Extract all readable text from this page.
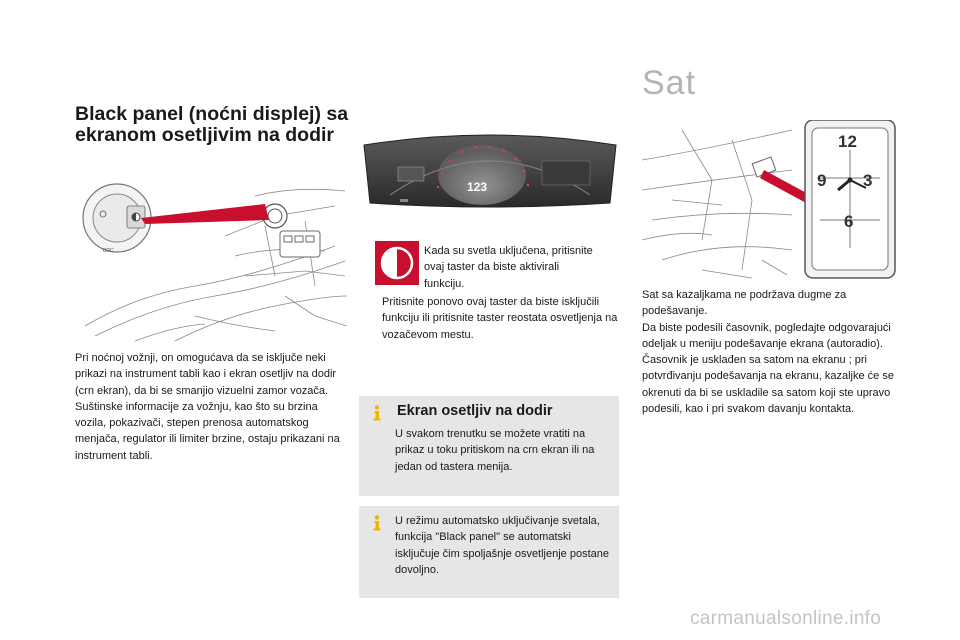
Black panel (noćni displej) sa ekranom osetljivim na dodir
BRC
Pri noćnoj vožnji, on omogućava da se isključe neki prikazi na instrument tabli kao i ekran osetljiv na dodir (crn ekran), da bi se smanjio vizuelni zamor vozača.
Suštinske informacije za vožnju, kao što su brzina vozila, pokazivači, stepen prenosa automatskog menjača, regulator ili limiter brzine, ostaju prikazani na instrument tabli.
123
Kada su svetla uključena, pritisnite ovaj taster da biste aktivirali funkciju.
Pritisnite ponovo ovaj taster da biste isključili funkciju ili pritisnite taster reostata osvetljenja na vozačevom mestu.
Ekran osetljiv na dodir
U svakom trenutku se možete vratiti na prikaz u toku pritiskom na crn ekran ili na jedan od tastera menija.
U režimu automatsko uključivanje svetala, funkcija "Black panel" se automatski isključuje čim spoljašnje osvetljenje postane dovoljno.
Sat
12
3
6
9
Sat sa kazaljkama ne podržava dugme za podešavanje.
Da biste podesili časovnik, pogledajte odgovarajući odeljak u meniju podešavanje ekrana (autoradio).
Časovnik je usklađen sa satom na ekranu ; pri potvrđivanju podešavanja na ekranu, kazaljke će se okrenuti da bi se uskladile sa satom koji ste upravo podesili, kao i pri svakom davanju kontakta.
carmanualsonline.info
